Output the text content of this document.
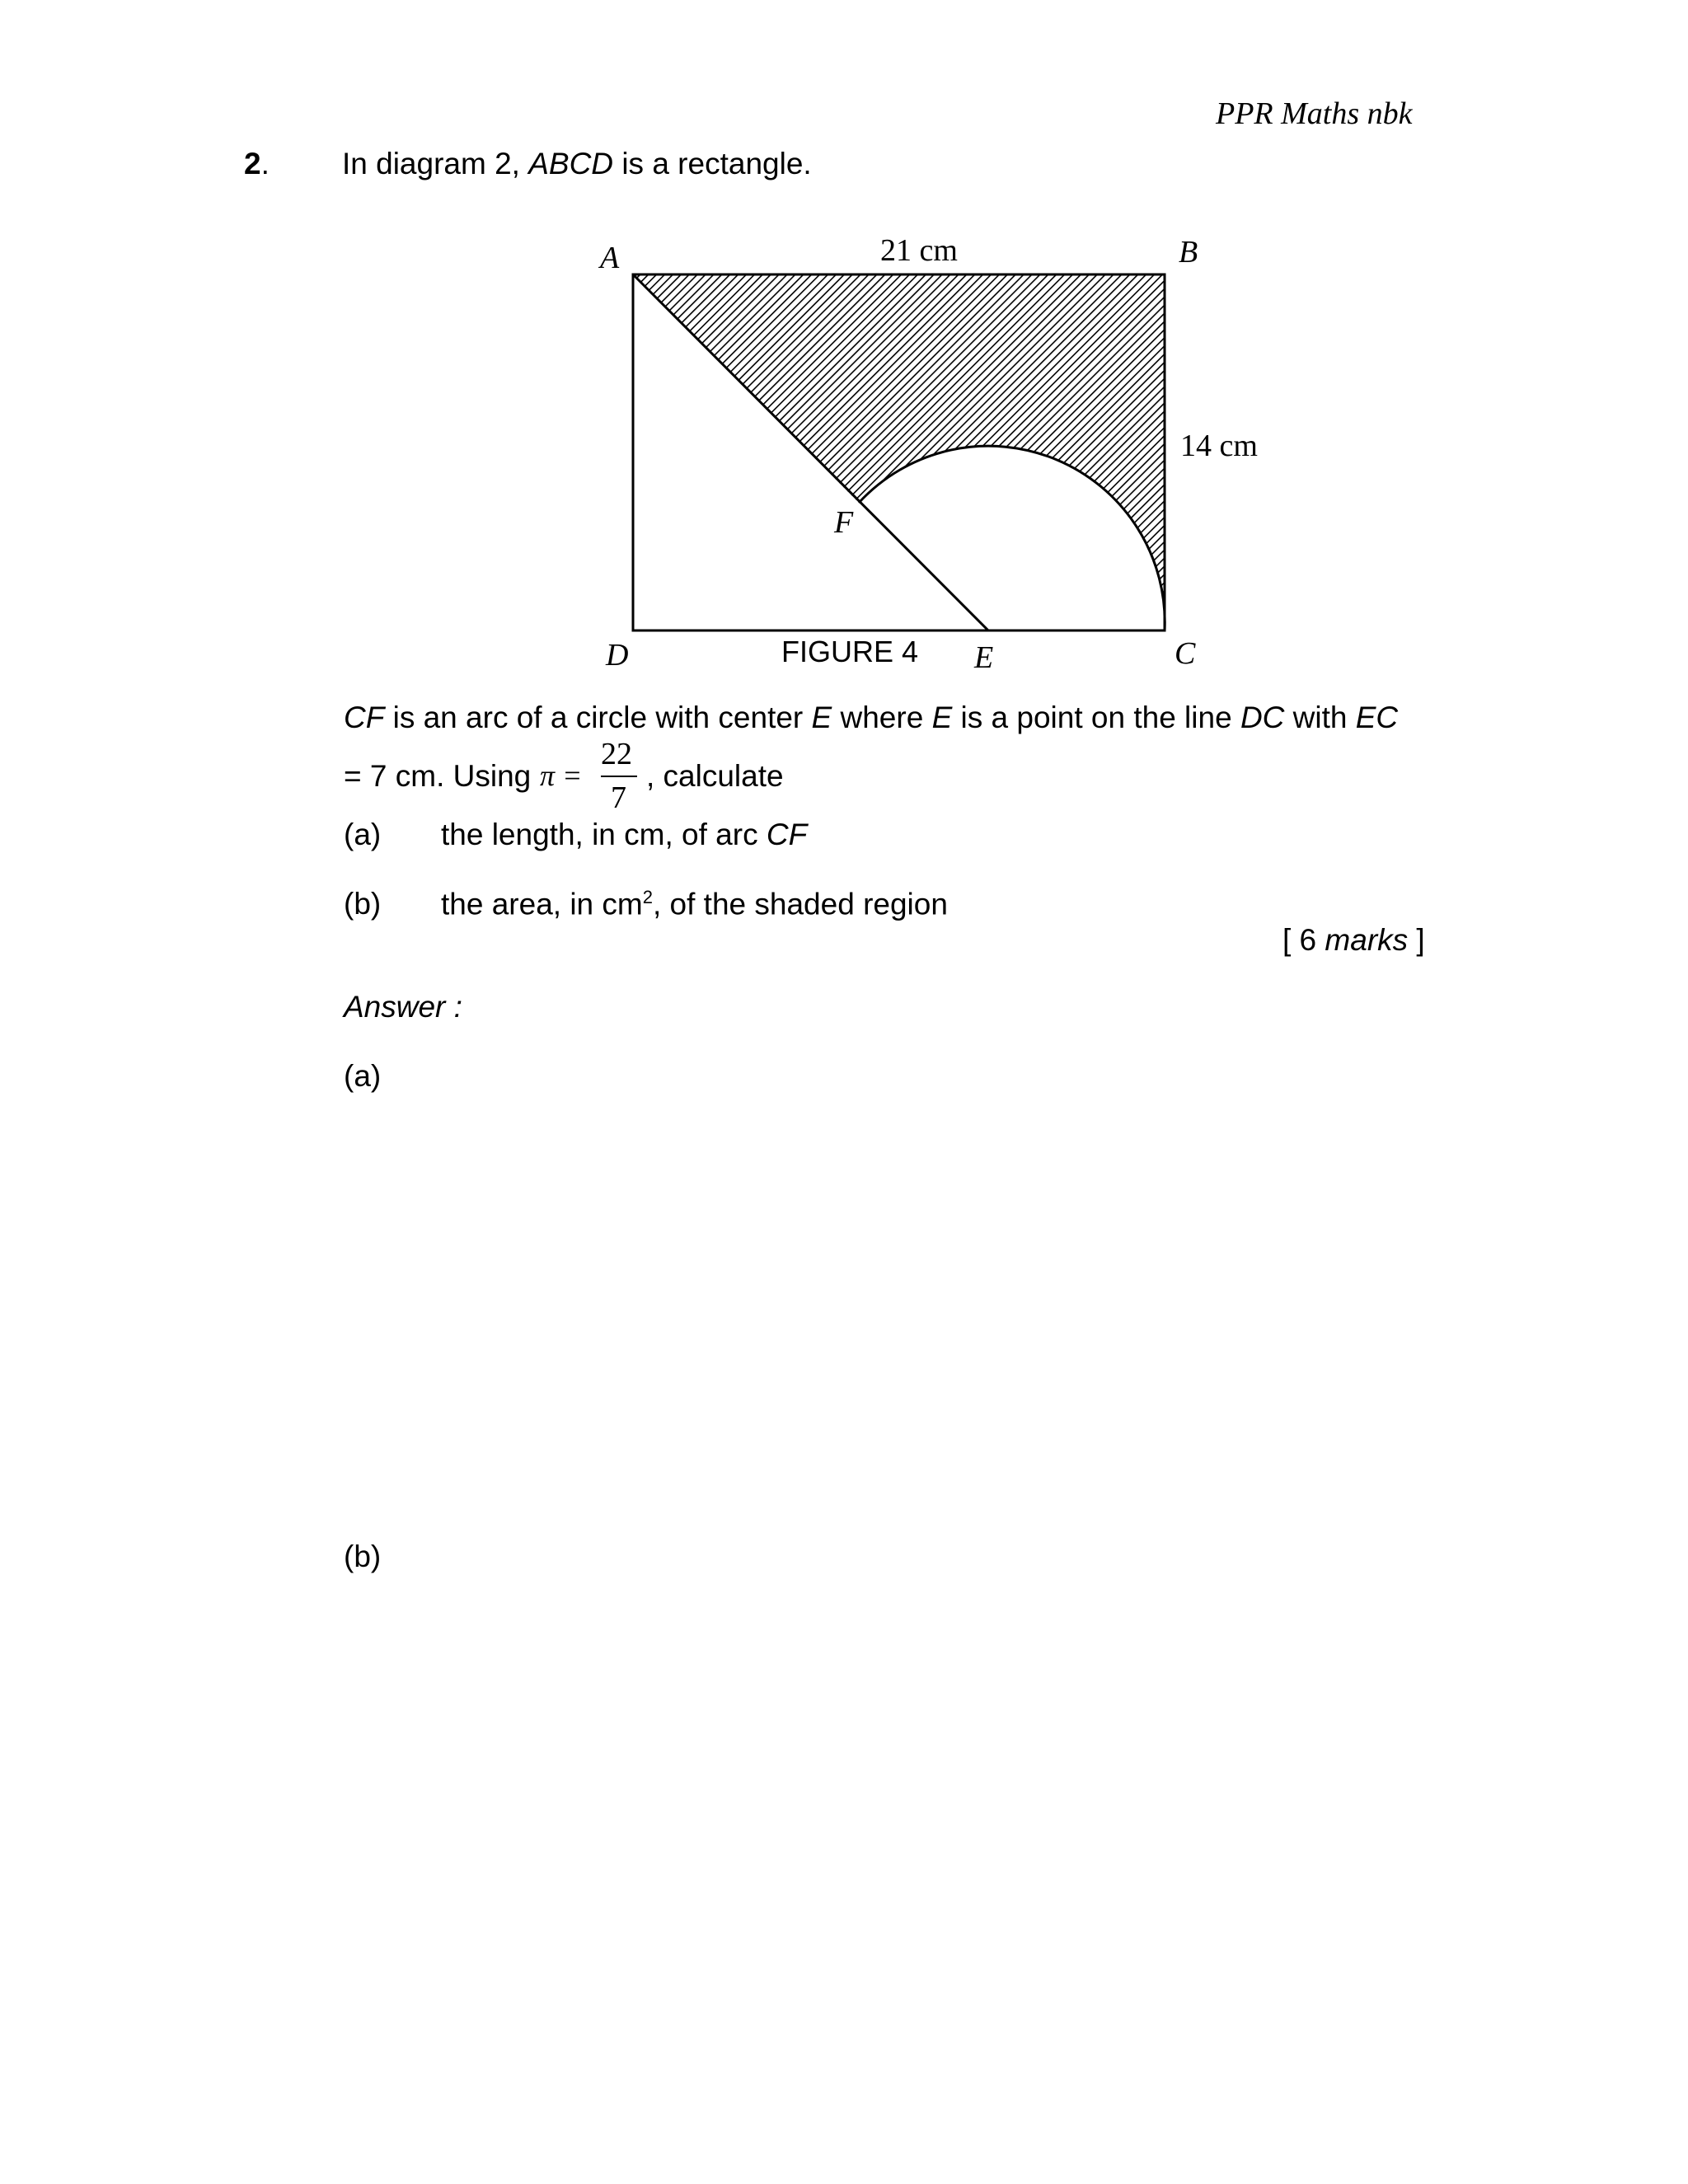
PPR Maths nbk
2. In diagram 2, ABCD is a rectangle.
A	B
C
D	E
F
21 cm
14 cm
FIGURE 4
CF is an arc of a circle with center E where E is a point on the line DC with EC
= 7 cm. Using π =
22
7
, calculate
(a) the length, in cm, of arc CF
(b) the area, in $cm^2$, of the shaded region
[ 6 marks ]
Answer :
(a)
(b)
